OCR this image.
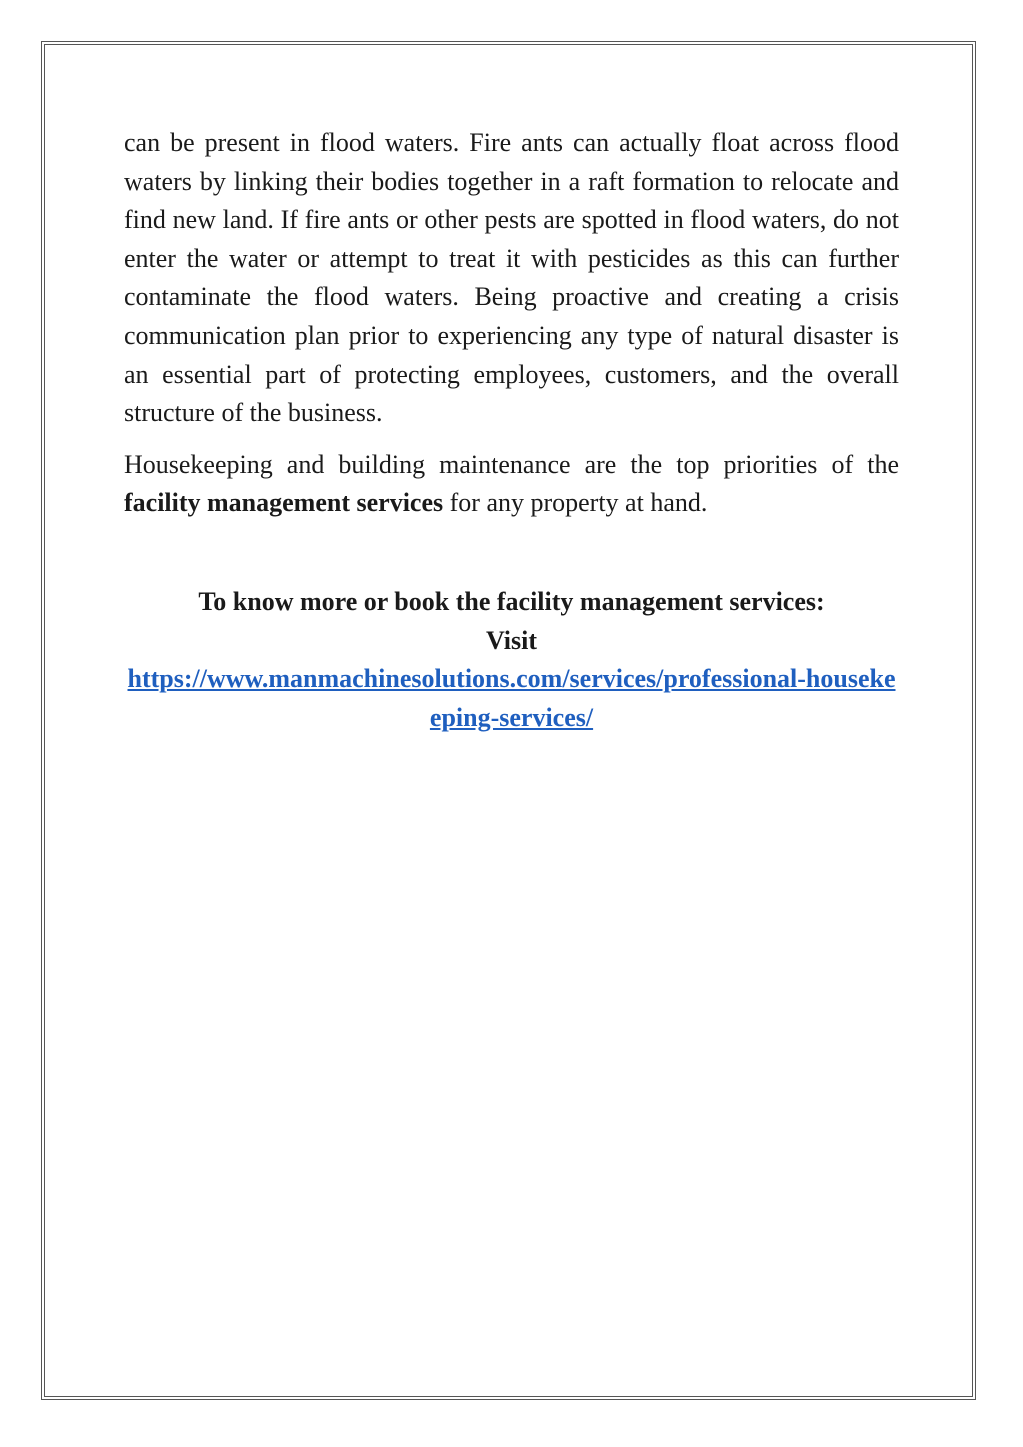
can be present in flood waters. Fire ants can actually float across flood waters by linking their bodies together in a raft formation to relocate and find new land. If fire ants or other pests are spotted in flood waters, do not enter the water or attempt to treat it with pesticides as this can further contaminate the flood waters. Being proactive and creating a crisis communication plan prior to experiencing any type of natural disaster is an essential part of protecting employees, customers, and the overall structure of the business.

Housekeeping and building maintenance are the top priorities of the facility management services for any property at hand.

To know more or book the facility management services:
Visit
https://www.manmachinesolutions.com/services/professional-housekeeping-services/
